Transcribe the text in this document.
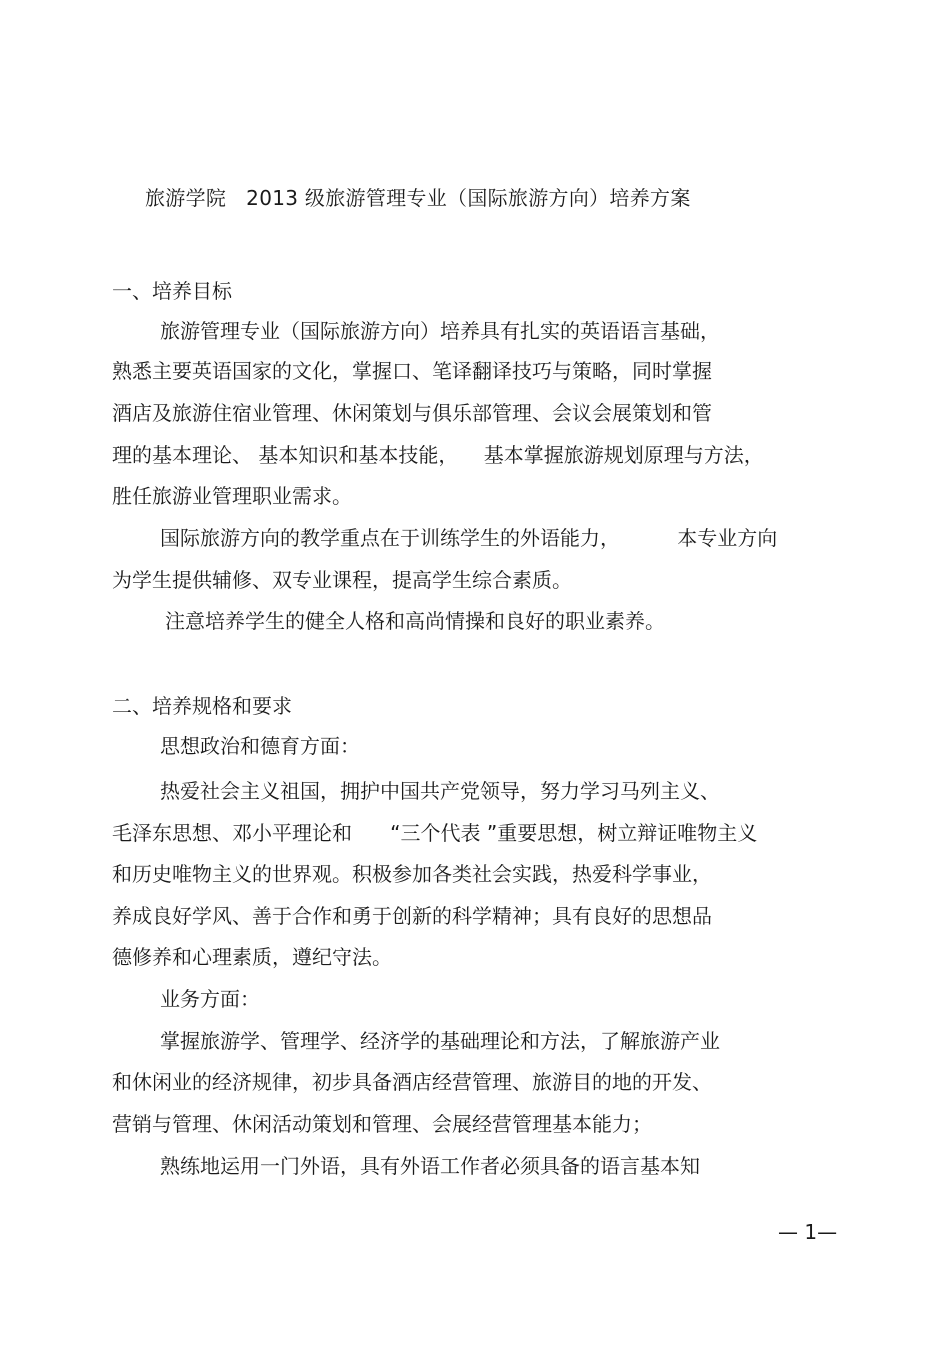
旅游学院   2013 级旅游管理专业（国际旅游方向）培养方案
一、培养目标
旅游管理专业（国际旅游方向）培养具有扎实的英语语言基础，
熟悉主要英语国家的文化，掌握口、笔译翻译技巧与策略，同时掌握
酒店及旅游住宿业管理、休闲策划与俱乐部管理、会议会展策划和管
理的基本理论、 基本知识和基本技能，    基本掌握旅游规划原理与方法，
胜任旅游业管理职业需求。
国际旅游方向的教学重点在于训练学生的外语能力，         本专业方向
为学生提供辅修、双专业课程，提高学生综合素质。
注意培养学生的健全人格和高尚情操和良好的职业素养。
二、培养规格和要求
思想政治和德育方面：
热爱社会主义祖国，拥护中国共产党领导，努力学习马列主义、
毛泽东思想、邓小平理论和      “三个代表 ”重要思想，树立辩证唯物主义
和历史唯物主义的世界观。积极参加各类社会实践，热爱科学事业，
养成良好学风、善于合作和勇于创新的科学精神；具有良好的思想品
德修养和心理素质，遵纪守法。
业务方面：
掌握旅游学、管理学、经济学的基础理论和方法，了解旅游产业
和休闲业的经济规律，初步具备酒店经营管理、旅游目的地的开发、
营销与管理、休闲活动策划和管理、会展经营管理基本能力；
熟练地运用一门外语，具有外语工作者必须具备的语言基本知
— 1—
